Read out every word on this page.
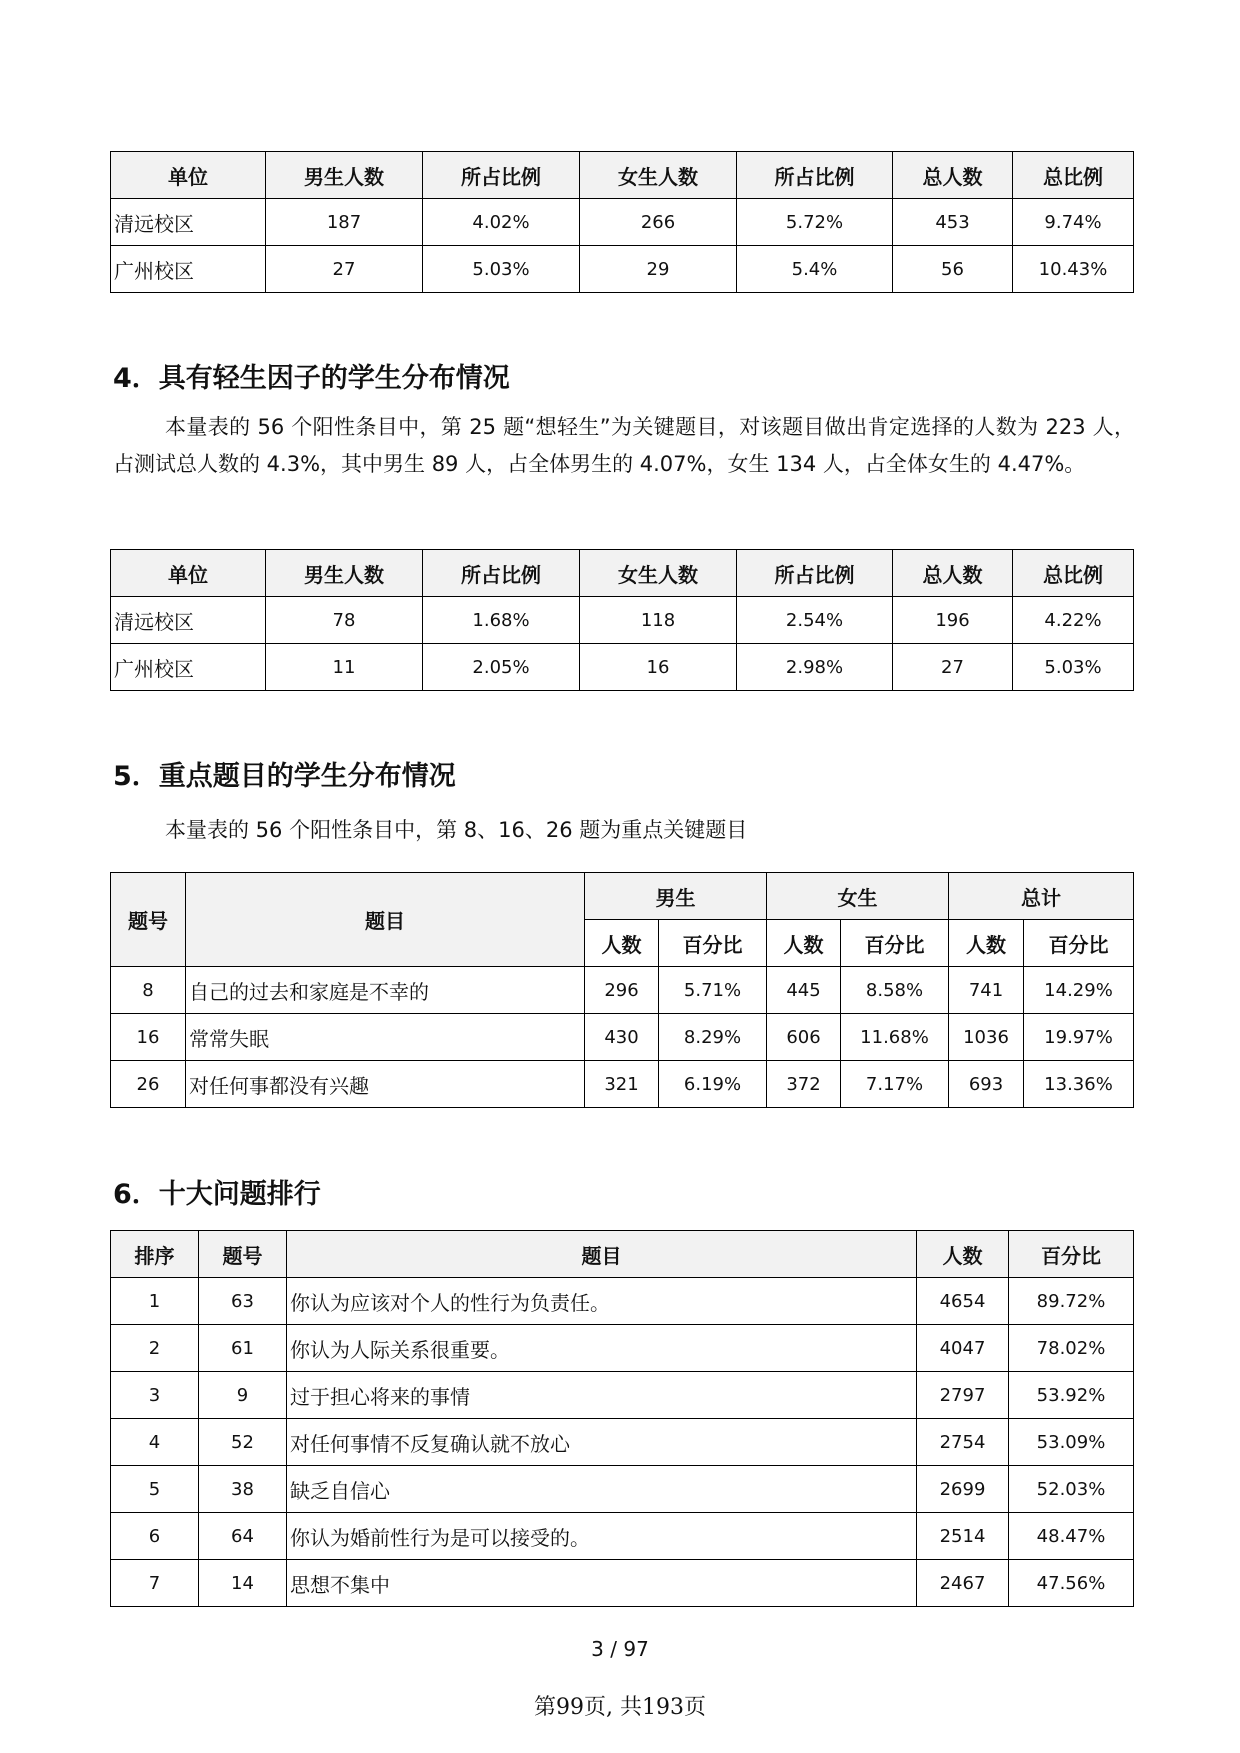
单位	男生人数	所占比例	女生人数	所占比例	总人数	总比例
清远校区	187	4.02%	266	5.72%	453	9.74%
广州校区	27	5.03%	29	5.4%	56	10.43%
4．具有轻生因子的学生分布情况

本量表的 56 个阳性条目中，第 25 题“想轻生”为关键题目，对该题目做出肯定选择的人数为 223 人，占测试总人数的 4.3%，其中男生 89 人，占全体男生的 4.07%，女生 134 人，占全体女生的 4.47%。

单位	男生人数	所占比例	女生人数	所占比例	总人数	总比例
清远校区	78	1.68%	118	2.54%	196	4.22%
广州校区	11	2.05%	16	2.98%	27	5.03%
5．重点题目的学生分布情况

本量表的 56 个阳性条目中，第 8、16、26 题为重点关键题目

题号	题目	男生		女生		总计	
		人数	百分比	人数	百分比	人数	百分比
8	自己的过去和家庭是不幸的	296	5.71%	445	8.58%	741	14.29%
16	常常失眠	430	8.29%	606	11.68%	1036	19.97%
26	对任何事都没有兴趣	321	6.19%	372	7.17%	693	13.36%
6．十大问题排行
排序	题号	题目	人数	百分比
1	63	你认为应该对个人的性行为负责任。	4654	89.72%
2	61	你认为人际关系很重要。	4047	78.02%
3	9	过于担心将来的事情	2797	53.92%
4	52	对任何事情不反复确认就不放心	2754	53.09%
5	38	缺乏自信心	2699	52.03%
6	64	你认为婚前性行为是可以接受的。	2514	48.47%
7	14	思想不集中	2467	47.56%
3 / 97
第99页, 共193页
